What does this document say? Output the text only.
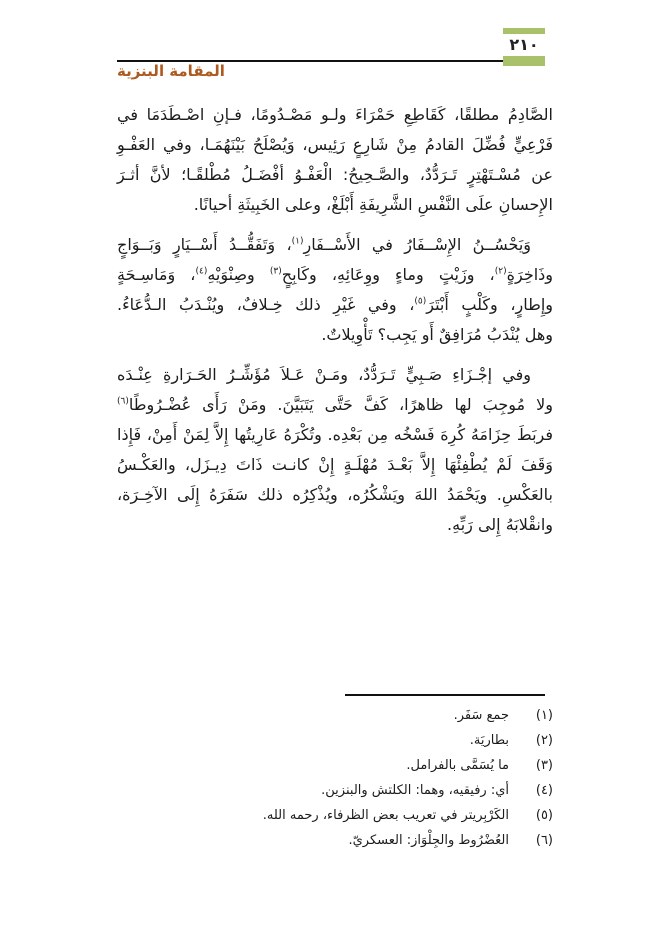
٢١٠
المقامة البنزية
الصَّادِمُ مطلقًا، كَقَاطِعِ حَمْرَاءَ ولـو مَصْـدُومًا، فـإنِ اصْـطَدَمَا في
فَرْعِيٍّ فُضِّلَ القادمُ مِنْ شَارِعٍ رَئِيس، وَيُصْلَحُ بَيْنَهُمَـا، وفي العَفْـوِ
عن مُسْـتَهْتِرٍ تَـرَدُّدٌ، والصَّـحِيحُ: الْعَفْـوُ أفْضَـلُ مُطْلقًـا؛ لأنَّ أثـرَ
الإِحسانِ علَى النَّفْسِ الشَّرِيفَةِ أَبْلَغْ، وعلى الخَبِيثَةِ أحيانًا.
وَيَحْسُــنُ الإِسْــفَارُ في الأَسْــفَارِ$^{(١)}$، وَتَفَقُّــدُ أَسْــيَارٍ وَبَــوَاجٍ
وذَاخِرَةٍ$^{(٢)}$، وزَيْتٍ وماءٍ ووِعَائِهِ، وكَابِحٍ$^{(٣)}$ وصِنْوَيْهِ$^{(٤)}$، وَمَاسِـحَةٍ
وإِطارٍ، وكَلْبٍ أَبْتَرَ$^{(٥)}$، وفي غَيْرِ ذلك خِـلافٌ، ويُنْـدَبُ الـدُّعَاءُ.
وهل يُنْدَبُ مُرَافِقٌ أَو يَجِب؟ تَأْوِيلاتٌ.
وفي إجْـزَاءِ صَـبِيٍّ تَـرَدُّدٌ، ومَـنْ عَـلاَ مُؤَشِّـرُ الحَـرَارةِ عِنْـدَه
ولا مُوجِبَ لها ظاهرًا، كَفَّ حَتَّى يَتَبَيَّنَ. ومَنْ رَأَى عُضْـرُوطًا$^{(٦)}$
فربَطَ حِزَامَهُ كُرِهَ فَسْخُه مِن بَعْدِه. وتُكْرَهُ عَارِيتُها إِلاَّ لِمَنْ أَمِنْ، فَإِذا
وَقَفَ لَمْ يُطْفِئْهَا إِلاَّ بَعْـدَ مُهْلَـةٍ إِنْ كانـت ذَاتَ دِيـزَل، والعَكْـسُ
بالعَكْسِ. ويَحْمَدُ اللهَ ويَشْكُرُه، ويُذْكِرُه ذلك سَفَرَهُ إِلَى الآخِـرَة،
وانقْلابَهُ إِلى رَبِّهِ.
(١)
جمع سَفَر.
(٢)
بطاريَة.
(٣)
ما يُسَمَّى بالفرامل.
(٤)
أي: رفيقيه، وهما: الكلتش والبنزين.
(٥)
الكَرْبِريتر في تعريب بعض الظرفاء، رحمه الله.
(٦)
العُضْرُوط والجِلْوَاز: العسكريّ.
